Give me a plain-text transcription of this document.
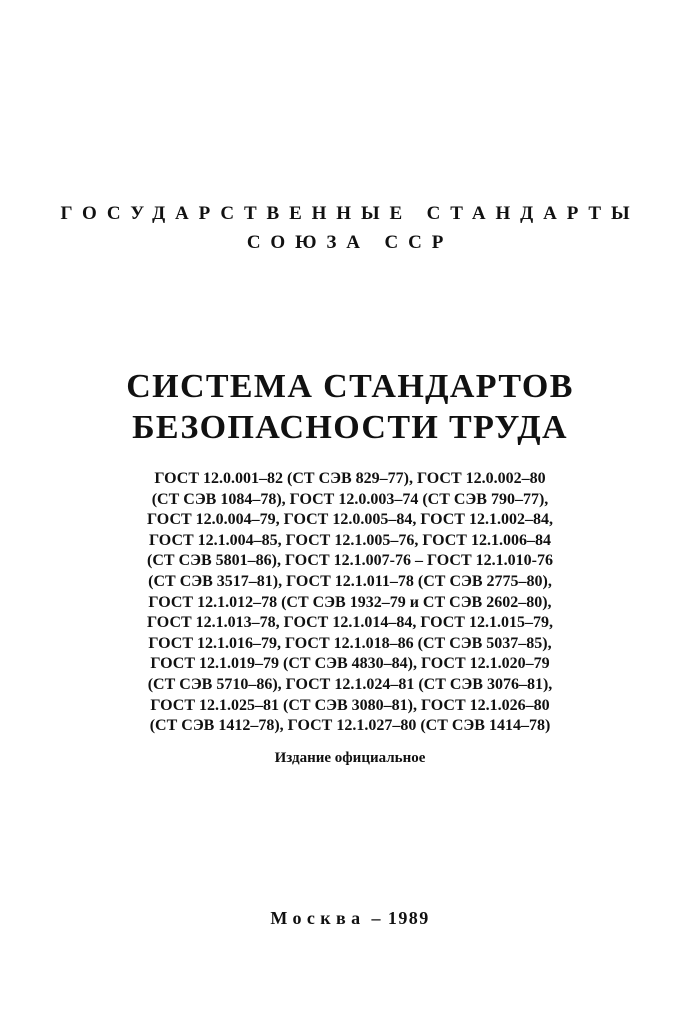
ГОСУДАРСТВЕННЫЕ СТАНДАРТЫ
СОЮЗА ССР
СИСТЕМА СТАНДАРТОВ
БЕЗОПАСНОСТИ ТРУДА
ГОСТ 12.0.001–82 (СТ СЭВ 829–77), ГОСТ 12.0.002–80
(СТ СЭВ 1084–78), ГОСТ 12.0.003–74 (СТ СЭВ 790–77),
ГОСТ 12.0.004–79, ГОСТ 12.0.005–84, ГОСТ 12.1.002–84,
ГОСТ 12.1.004–85, ГОСТ 12.1.005–76, ГОСТ 12.1.006–84
(СТ СЭВ 5801–86), ГОСТ 12.1.007-76 – ГОСТ 12.1.010-76
(СТ СЭВ 3517–81), ГОСТ 12.1.011–78 (СТ СЭВ 2775–80),
ГОСТ 12.1.012–78 (СТ СЭВ 1932–79 и СТ СЭВ 2602–80),
ГОСТ 12.1.013–78, ГОСТ 12.1.014–84, ГОСТ 12.1.015–79,
ГОСТ 12.1.016–79, ГОСТ 12.1.018–86 (СТ СЭВ 5037–85),
ГОСТ 12.1.019–79 (СТ СЭВ 4830–84), ГОСТ 12.1.020–79
(СТ СЭВ 5710–86), ГОСТ 12.1.024–81 (СТ СЭВ 3076–81),
ГОСТ 12.1.025–81 (СТ СЭВ 3080–81), ГОСТ 12.1.026–80
(СТ СЭВ 1412–78), ГОСТ 12.1.027–80 (СТ СЭВ 1414–78)
Издание официальное
Москва – 1989
